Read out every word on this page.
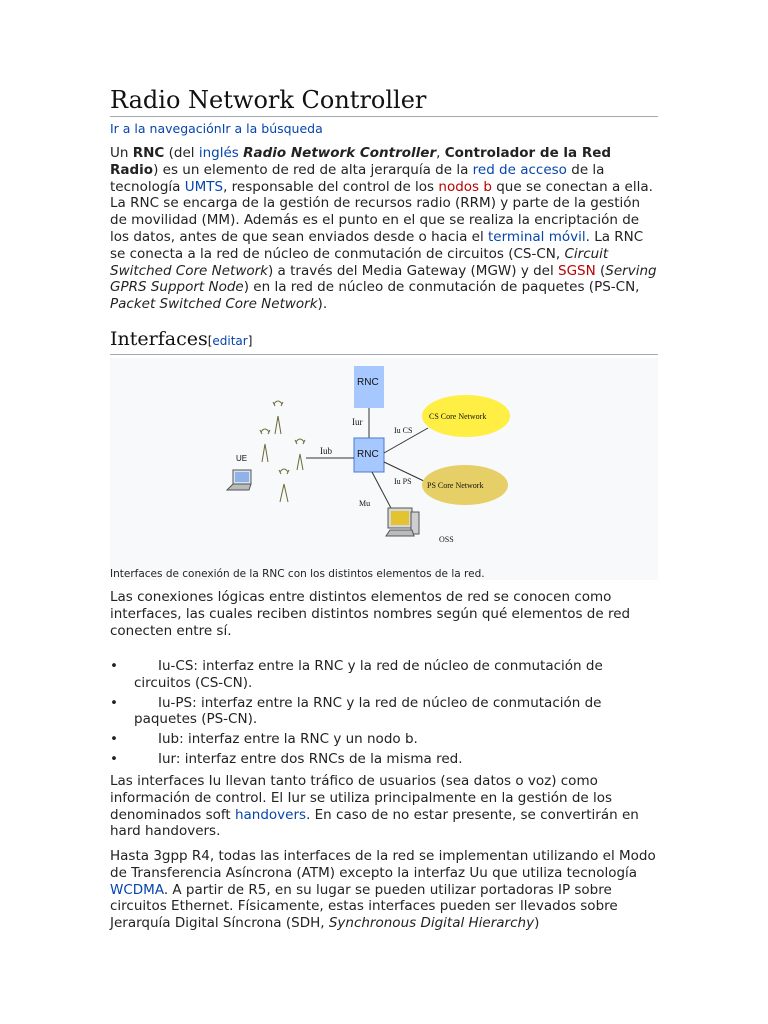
Radio Network Controller
Ir a la navegaciónIr a la búsqueda

Un RNC (del inglés Radio Network Controller, Controlador de la Red Radio) es un elemento de red de alta jerarquía de la red de acceso de la tecnología UMTS, responsable del control de los nodos b que se conectan a ella. La RNC se encarga de la gestión de recursos radio (RRM) y parte de la gestión de movilidad (MM). Además es el punto en el que se realiza la encriptación de los datos, antes de que sean enviados desde o hacia el terminal móvil. La RNC se conecta a la red de núcleo de conmutación de circuitos (CS-CN, Circuit Switched Core Network) a través del Media Gateway (MGW) y del SGSN (Serving GPRS Support Node) en la red de núcleo de conmutación de paquetes (PS-CN, Packet Switched Core Network).

Interfaces[editar]
RNC
Iur
RNC
Iub
Iu CS
Iu PS
Mu
CS Core Network
PS Core Network
UE
OSS
Interfaces de conexión de la RNC con los distintos elementos de la red.

Las conexiones lógicas entre distintos elementos de red se conocen como interfaces, las cuales reciben distintos nombres según qué elementos de red conecten entre sí.

•	Iu-CS: interfaz entre la RNC y la red de núcleo de conmutación de circuitos (CS-CN).
•	Iu-PS: interfaz entre la RNC y la red de núcleo de conmutación de paquetes (PS-CN).
•	Iub: interfaz entre la RNC y un nodo b.
•	Iur: interfaz entre dos RNCs de la misma red.

Las interfaces Iu llevan tanto tráfico de usuarios (sea datos o voz) como información de control. El Iur se utiliza principalmente en la gestión de los denominados soft handovers. En caso de no estar presente, se convertirán en hard handovers.

Hasta 3gpp R4, todas las interfaces de la red se implementan utilizando el Modo de Transferencia Asíncrona (ATM) excepto la interfaz Uu que utiliza tecnología WCDMA. A partir de R5, en su lugar se pueden utilizar portadoras IP sobre circuitos Ethernet. Físicamente, estas interfaces pueden ser llevados sobre Jerarquía Digital Síncrona (SDH, Synchronous Digital Hierarchy)
